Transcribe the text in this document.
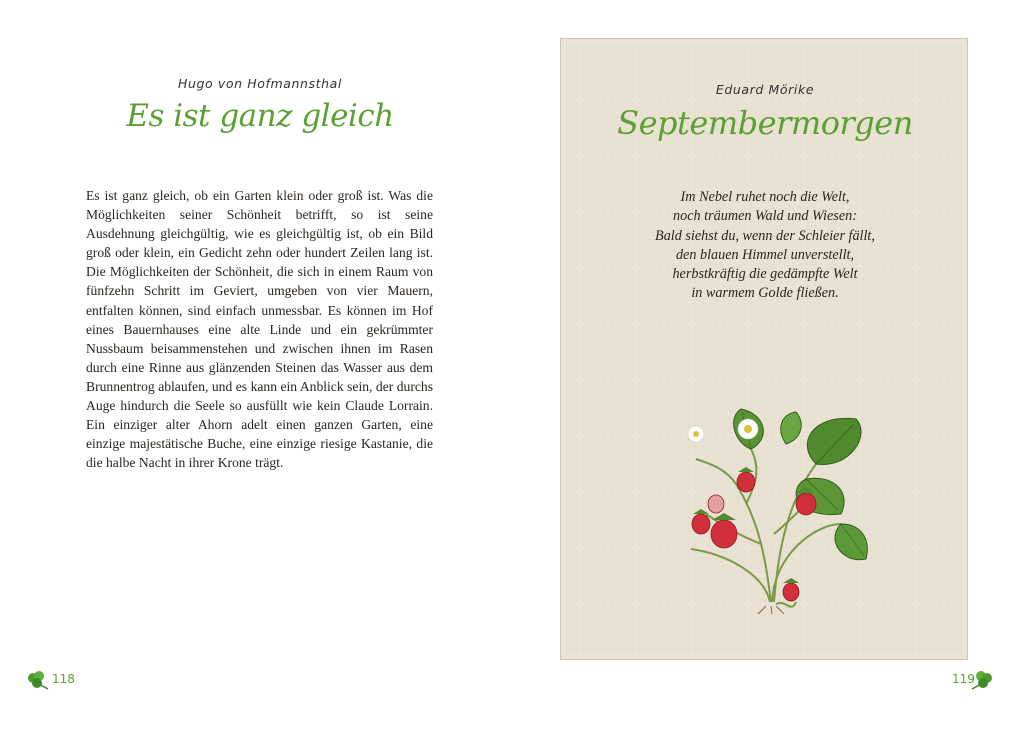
Hugo von Hofmannsthal
Es ist ganz gleich

Es ist ganz gleich, ob ein Garten klein oder groß ist. Was die Möglichkeiten seiner Schönheit betrifft, so ist seine Ausdehnung gleichgültig, wie es gleichgültig ist, ob ein Bild groß oder klein, ein Gedicht zehn oder hundert Zeilen lang ist. Die Möglichkeiten der Schönheit, die sich in einem Raum von fünfzehn Schritt im Geviert, umgeben von vier Mauern, entfalten können, sind einfach unmessbar. Es können im Hof eines Bauernhauses eine alte Linde und ein gekrümmter Nussbaum beisammenstehen und zwischen ihnen im Rasen durch eine Rinne aus glänzenden Steinen das Wasser aus dem Brunnentrog ablaufen, und es kann ein Anblick sein, der durchs Auge hindurch die Seele so ausfüllt wie kein Claude Lorrain. Ein einziger alter Ahorn adelt einen ganzen Garten, eine einzige majestätische Buche, eine einzige riesige Kastanie, die die halbe Nacht in ihrer Krone trägt.

Eduard Mörike
Septembermorgen
Im Nebel ruhet noch die Welt,
noch träumen Wald und Wiesen:
Bald siehst du, wenn der Schleier fällt,
den blauen Himmel unverstellt,
herbstkräftig die gedämpfte Welt
in warmem Golde fließen.
118	119
